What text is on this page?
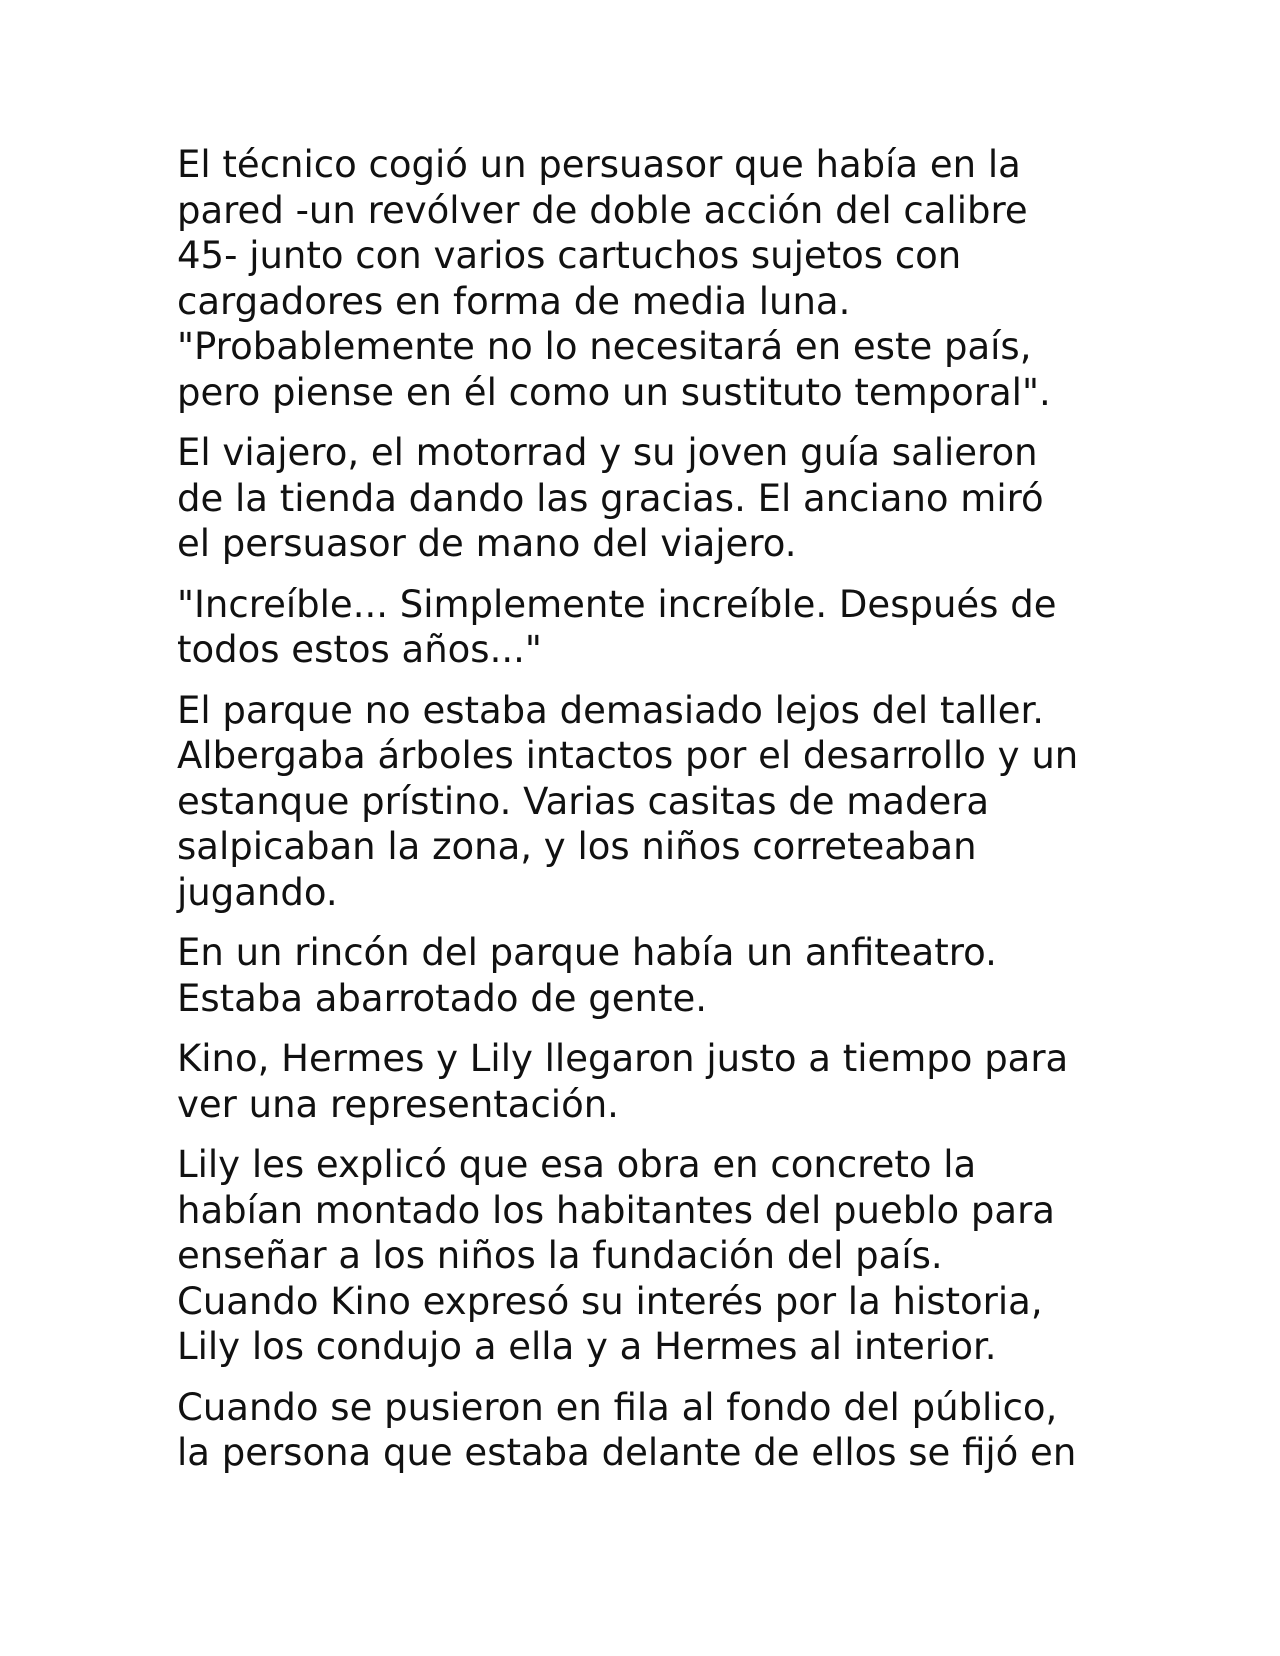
El técnico cogió un persuasor que había en la
pared -un revólver de doble acción del calibre
45- junto con varios cartuchos sujetos con
cargadores en forma de media luna.
"Probablemente no lo necesitará en este país,
pero piense en él como un sustituto temporal".

El viajero, el motorrad y su joven guía salieron
de la tienda dando las gracias. El anciano miró
el persuasor de mano del viajero.

"Increíble... Simplemente increíble. Después de
todos estos años..."

El parque no estaba demasiado lejos del taller.
Albergaba árboles intactos por el desarrollo y un
estanque prístino. Varias casitas de madera
salpicaban la zona, y los niños correteaban
jugando.

En un rincón del parque había un anfiteatro.
Estaba abarrotado de gente.

Kino, Hermes y Lily llegaron justo a tiempo para
ver una representación.

Lily les explicó que esa obra en concreto la
habían montado los habitantes del pueblo para
enseñar a los niños la fundación del país.
Cuando Kino expresó su interés por la historia,
Lily los condujo a ella y a Hermes al interior.

Cuando se pusieron en fila al fondo del público,
la persona que estaba delante de ellos se fijó en
